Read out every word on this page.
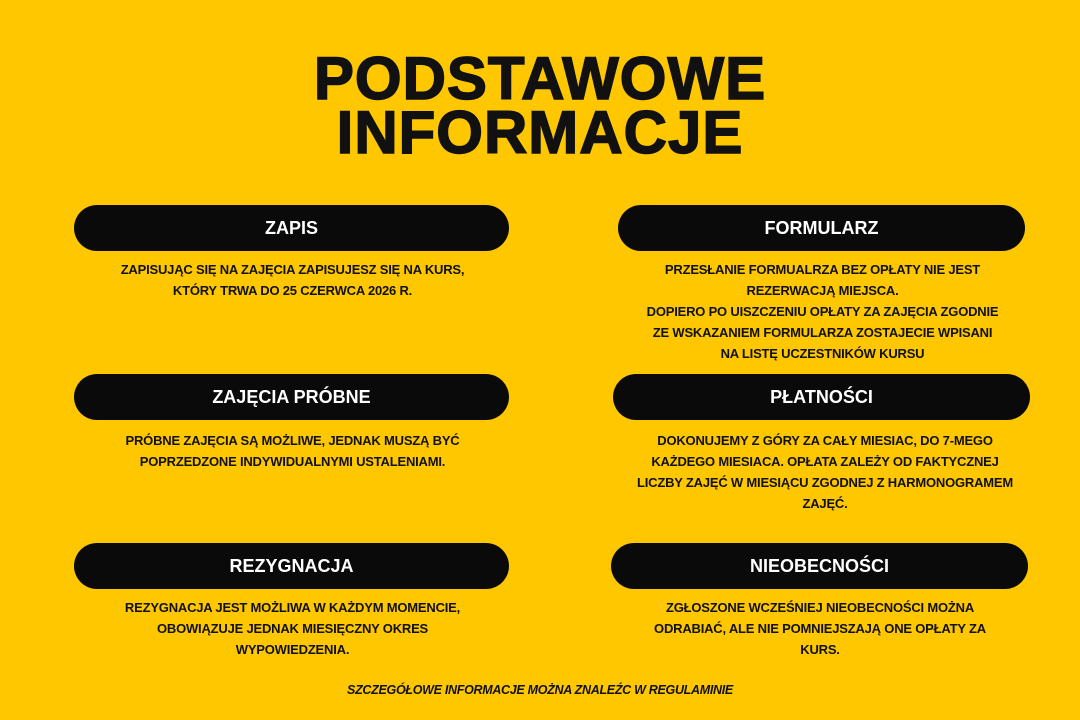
PODSTAWOWE
INFORMACJE
ZAPIS
ZAPISUJĄC SIĘ NA ZAJĘCIA ZAPISUJESZ SIĘ NA KURS,
KTÓRY TRWA DO 25 CZERWCA 2026 R.
FORMULARZ
PRZESŁANIE FORMUALRZA BEZ OPŁATY NIE JEST
REZERWACJĄ MIEJSCA.
DOPIERO PO UISZCZENIU OPŁATY ZA ZAJĘCIA ZGODNIE
ZE WSKAZANIEM FORMULARZA ZOSTAJECIE WPISANI
NA LISTĘ UCZESTNIKÓW KURSU
ZAJĘCIA PRÓBNE
PRÓBNE ZAJĘCIA SĄ MOŻLIWE, JEDNAK MUSZĄ BYĆ
POPRZEDZONE INDYWIDUALNYMI USTALENIAMI.
PŁATNOŚCI
DOKONUJEMY Z GÓRY ZA CAŁY MIESIAC, DO 7-MEGO
KAŻDEGO MIESIACA. OPŁATA ZALEŻY OD FAKTYCZNEJ
LICZBY ZAJĘĆ W MIESIĄCU ZGODNEJ Z HARMONOGRAMEM
ZAJĘĆ.
REZYGNACJA
REZYGNACJA JEST MOŻLIWA W KAŻDYM MOMENCIE,
OBOWIĄZUJE JEDNAK MIESIĘCZNY OKRES
WYPOWIEDZENIA.
NIEOBECNOŚCI
ZGŁOSZONE WCZEŚNIEJ NIEOBECNOŚCI MOŻNA
ODRABIAĆ, ALE NIE POMNIEJSZAJĄ ONE OPŁATY ZA
KURS.
SZCZEGÓŁOWE INFORMACJE MOŻNA ZNALEŹC W REGULAMINIE
